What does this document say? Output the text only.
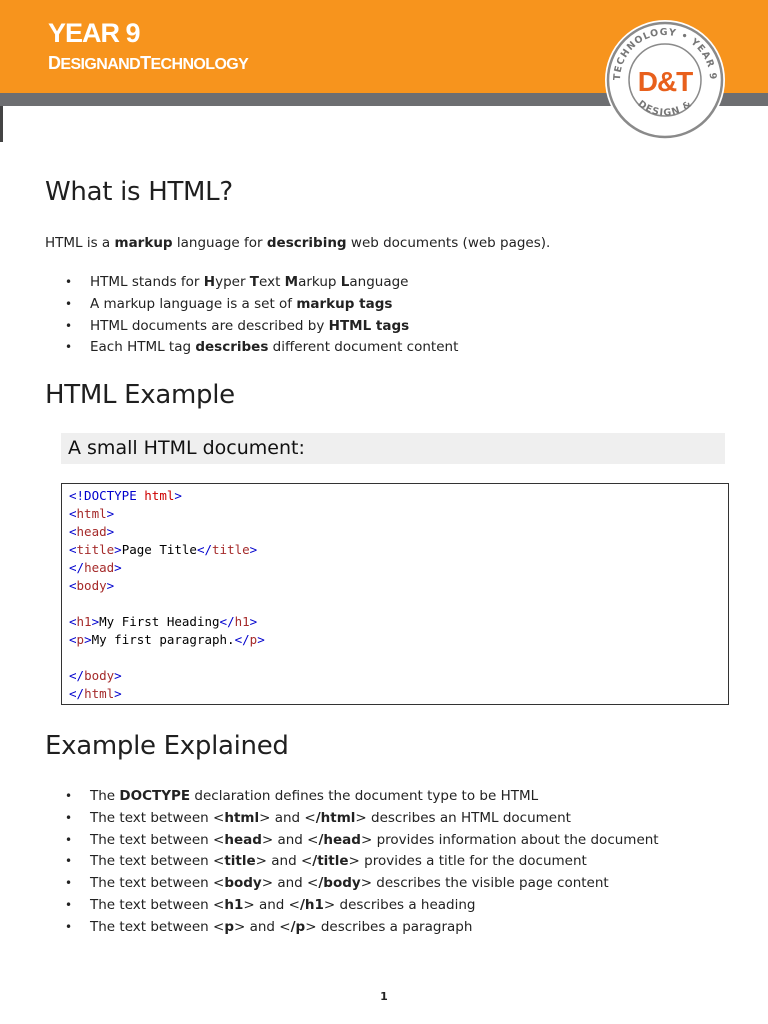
YEAR 9
DESIGNANDTECHNOLOGY
TECHNOLOGY • YEAR 9
DESIGN &
D&T
What is HTML?

HTML is a markup language for describing web documents (web pages).

• HTML stands for Hyper Text Markup Language
• A markup language is a set of markup tags
• HTML documents are described by HTML tags
• Each HTML tag describes different document content
HTML Example
A small HTML document:
<!DOCTYPE html>
<html>
<head>
<title>Page Title</title>
</head>
<body>
<h1>My First Heading</h1>
<p>My first paragraph.</p>
</body>
</html>
Example Explained
• The DOCTYPE declaration defines the document type to be HTML
• The text between <html> and </html> describes an HTML document
• The text between <head> and </head> provides information about the document
• The text between <title> and </title> provides a title for the document
• The text between <body> and </body> describes the visible page content
• The text between <h1> and </h1> describes a heading
• The text between <p> and </p> describes a paragraph
1
